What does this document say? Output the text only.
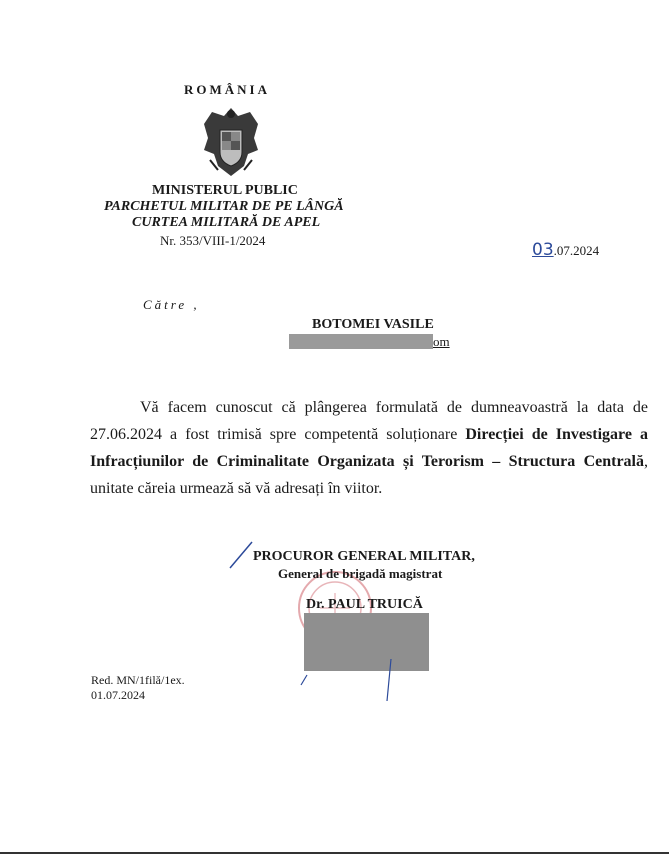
ROMÂNIA
MINISTERUL PUBLIC
PARCHETUL MILITAR DE PE LÂNGĂ
CURTEA MILITARĂ DE APEL
Nr. 353/VIII-1/2024	03.07.2024
Către ,
BOTOMEI VASILE
om
Vă facem cunoscut că plângerea formulată de dumneavoastră la data de 27.06.2024 a fost trimisă spre competentă soluționare Direcției de Investigare a Infracțiunilor de Criminalitate Organizata și Terorism – Structura Centrală, unitate căreia urmează să vă adresați în viitor.
PROCUROR GENERAL MILITAR,
General de brigadă magistrat
Dr. PAUL TRUICĂ
Red. MN/1filă/1ex.
01.07.2024
